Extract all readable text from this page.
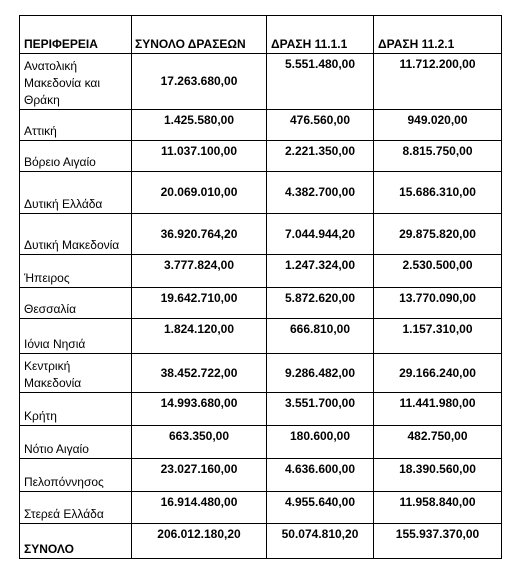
ΠΕΡΙΦΕΡΕΙΑ	ΣΥΝΟΛΟ ΔΡΑΣΕΩΝ	ΔΡΑΣΗ 11.1.1	ΔΡΑΣΗ 11.2.1
Ανατολική Μακεδονία και Θράκη	17.263.680,00	5.551.480,00	11.712.200,00
Αττική	1.425.580,00	476.560,00	949.020,00
Βόρειο Αιγαίο	11.037.100,00	2.221.350,00	8.815.750,00
Δυτική Ελλάδα	20.069.010,00	4.382.700,00	15.686.310,00
Δυτική Μακεδονία	36.920.764,20	7.044.944,20	29.875.820,00
Ήπειρος	3.777.824,00	1.247.324,00	2.530.500,00
Θεσσαλία	19.642.710,00	5.872.620,00	13.770.090,00
Ιόνια Νησιά	1.824.120,00	666.810,00	1.157.310,00
Κεντρική Μακεδονία	38.452.722,00	9.286.482,00	29.166.240,00
Κρήτη	14.993.680,00	3.551.700,00	11.441.980,00
Νότιο Αιγαίο	663.350,00	180.600,00	482.750,00
Πελοπόννησος	23.027.160,00	4.636.600,00	18.390.560,00
Στερεά Ελλάδα	16.914.480,00	4.955.640,00	11.958.840,00
ΣΥΝΟΛΟ	206.012.180,20	50.074.810,20	155.937.370,00
